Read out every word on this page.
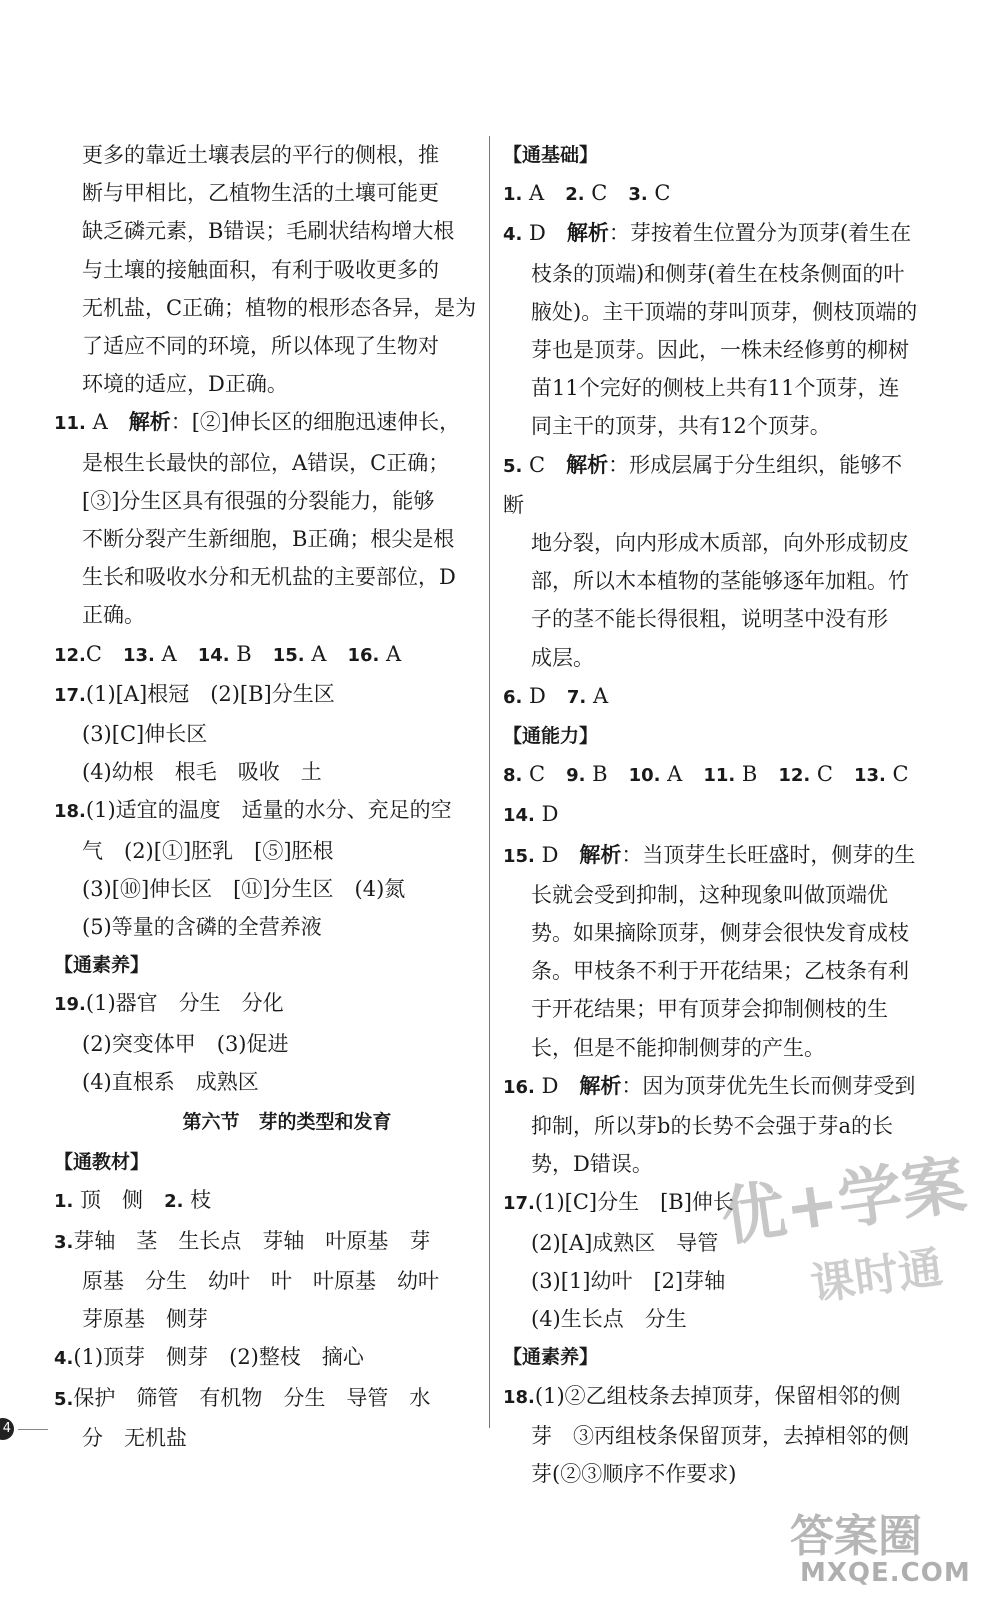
更多的靠近土壤表层的平行的侧根，推
断与甲相比，乙植物生活的土壤可能更
缺乏磷元素，B错误；毛刷状结构增大根
与土壤的接触面积，有利于吸收更多的
无机盐，C正确；植物的根形态各异，是为
了适应不同的环境，所以体现了生物对
环境的适应，D正确。
11. A　解析：[②]伸长区的细胞迅速伸长，
是根生长最快的部位，A错误，C正确；
[③]分生区具有很强的分裂能力，能够
不断分裂产生新细胞，B正确；根尖是根
生长和吸收水分和无机盐的主要部位，D
正确。
12.C　13. A　14. B　15. A　16. A
17.(1)[A]根冠　(2)[B]分生区
(3)[C]伸长区
(4)幼根　根毛　吸收　土
18.(1)适宜的温度　适量的水分、充足的空
气　(2)[①]胚乳　[⑤]胚根
(3)[⑩]伸长区　[⑪]分生区　(4)氮
(5)等量的含磷的全营养液
【通素养】
19.(1)器官　分生　分化
(2)突变体甲　(3)促进
(4)直根系　成熟区
第六节　芽的类型和发育
【通教材】
1. 顶　侧　2. 枝
3.芽轴　茎　生长点　芽轴　叶原基　芽
原基　分生　幼叶　叶　叶原基　幼叶
芽原基　侧芽
4.(1)顶芽　侧芽　(2)整枝　摘心
5.保护　筛管　有机物　分生　导管　水
分　无机盐
【通基础】
1. A　2. C　3. C
4. D　解析：芽按着生位置分为顶芽(着生在
枝条的顶端)和侧芽(着生在枝条侧面的叶
腋处)。主干顶端的芽叫顶芽，侧枝顶端的
芽也是顶芽。因此，一株未经修剪的柳树
苗11个完好的侧枝上共有11个顶芽，连
同主干的顶芽，共有12个顶芽。
5. C　解析：形成层属于分生组织，能够不断
地分裂，向内形成木质部，向外形成韧皮
部，所以木本植物的茎能够逐年加粗。竹
子的茎不能长得很粗，说明茎中没有形
成层。
6. D　7. A
【通能力】
8. C　9. B　10. A　11. B　12. C　13. C
14. D
15. D　解析：当顶芽生长旺盛时，侧芽的生
长就会受到抑制，这种现象叫做顶端优
势。如果摘除顶芽，侧芽会很快发育成枝
条。甲枝条不利于开花结果；乙枝条有利
于开花结果；甲有顶芽会抑制侧枝的生
长，但是不能抑制侧芽的产生。
16. D　解析：因为顶芽优先生长而侧芽受到
抑制，所以芽b的长势不会强于芽a的长
势，D错误。
17.(1)[C]分生　[B]伸长
(2)[A]成熟区　导管
(3)[1]幼叶　[2]芽轴
(4)生长点　分生
【通素养】
18.(1)②乙组枝条去掉顶芽，保留相邻的侧
芽　③丙组枝条保留顶芽，去掉相邻的侧
芽(②③顺序不作要求)
4
优+学案
课时通
答案圈
MXQE.COM
